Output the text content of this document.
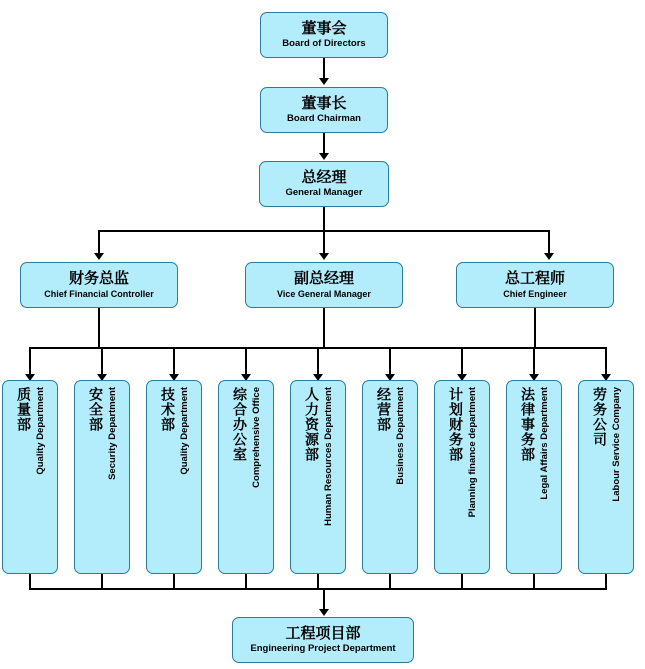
董事会
Board of Directors
董事长
Board Chairman
总经理
General Manager
财务总监
Chief Financial Controller
副总经理
Vice General Manager
总工程师
Chief Engineer
质量部 Quality Department	安全部 Security Department	技术部 Quality Department	综合办公室 Comprehensive Office	人力资源部 Human Resources Department	经营部 Business Department	计划财务部 Planning finance department	法律事务部 Legal Affairs Department	劳务公司 Labour Service Company
工程项目部
Engineering Project Department
